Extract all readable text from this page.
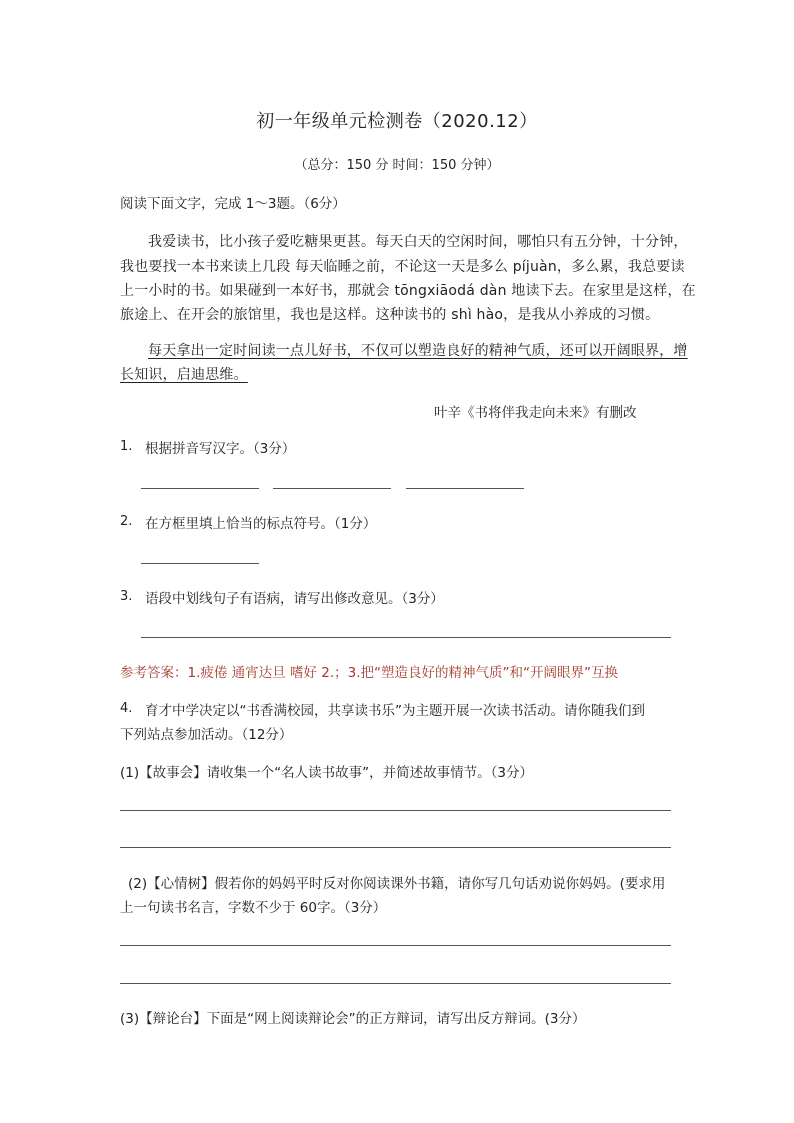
初一年级单元检测卷（2020.12）
（总分：150 分 时间：150 分钟）
阅读下面文字，完成 1～3题。（6分）
我爱读书，比小孩子爱吃糖果更甚。每天白天的空闲时间，哪怕只有五分钟，十分钟，
我也要找一本书来读上几段 每天临睡之前，不论这一天是多么 píjuàn，多么累，我总要读
上一小时的书。如果碰到一本好书，那就会 tōngxiāodá dàn 地读下去。在家里是这样，在
旅途上、在开会的旅馆里，我也是这样。这种读书的 shì hào，是我从小养成的习惯。
每天拿出一定时间读一点儿好书，不仅可以塑造良好的精神气质，还可以开阔眼界，增
长知识，启迪思维。
叶辛《书将伴我走向未来》有删改
1. 根据拼音写汉字。（3分）
2. 在方框里填上恰当的标点符号。（1分）
3. 语段中划线句子有语病，请写出修改意见。（3分）
参考答案：1.疲倦 通宵达旦 嗜好 2.；3.把“塑造良好的精神气质”和“开阔眼界”互换
4. 育才中学决定以“书香满校园，共享读书乐”为主题开展一次读书活动。请你随我们到
下列站点参加活动。（12分）
(1)【故事会】请收集一个“名人读书故事”，并简述故事情节。（3分）
(2)【心情树】假若你的妈妈平时反对你阅读课外书籍，请你写几句话劝说你妈妈。(要求用
上一句读书名言，字数不少于 60字。（3分）
(3)【辩论台】下面是“网上阅读辩论会”的正方辩词，请写出反方辩词。(3分）
